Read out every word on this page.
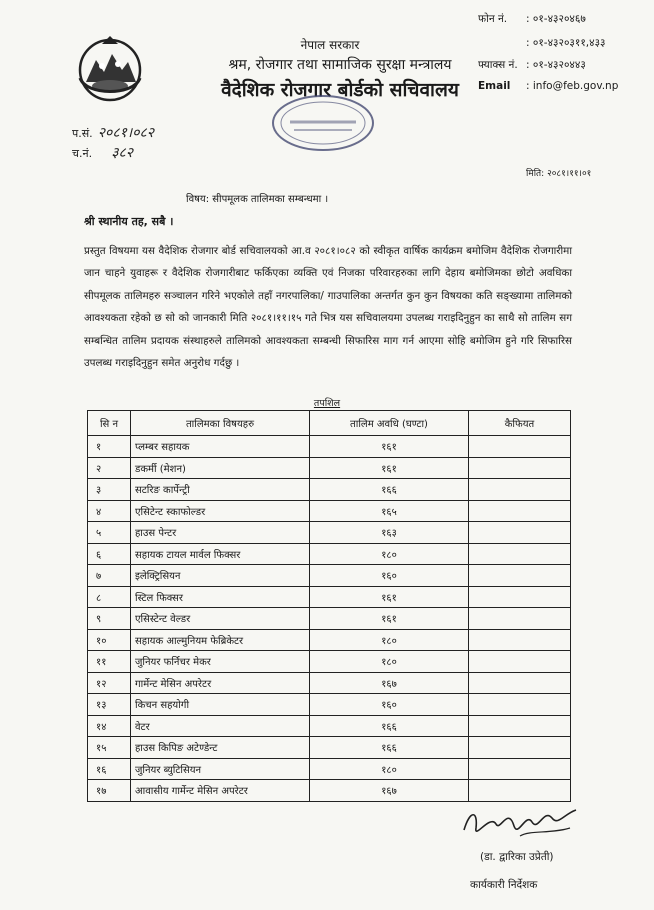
नेपाल सरकार
श्रम, रोजगार तथा सामाजिक सुरक्षा मन्त्रालय
वैदेशिक रोजगार बोर्डको सचिवालय
फोन नं. : ०१-४३२०४६७
: ०१-४३२०३११,४३३
फ्याक्स नं. : ०१-४३२०४४३
Email : info@feb.gov.np
प.सं. २०८१।०८२
च.नं. ३८२
मिति: २०८१।११।०१
विषय: सीपमूलक तालिमका सम्बन्धमा ।
श्री स्थानीय तह, सबै ।
प्रस्तुत विषयमा यस वैदेशिक रोजगार बोर्ड सचिवालयको आ.व २०८१।०८२ को स्वीकृत वार्षिक कार्यक्रम बमोजिम वैदेशिक रोजगारीमा जान चाहने युवाहरू र वैदेशिक रोजगारीबाट फर्किएका व्यक्ति एवं निजका परिवारहरुका लागि देहाय बमोजिमका छोटो अवधिका सीपमूलक तालिमहरु सञ्चालन गरिने भएकोले तहाँ नगरपालिका/ गाउपालिका अन्तर्गत कुन कुन विषयका कति सङ्ख्यामा तालिमको आवश्यकता रहेको छ सो को जानकारी मिति २०८१।११।१५ गते भित्र यस सचिवालयमा उपलब्ध गराइदिनुहुन का साथै सो तालिम सग सम्बन्धित तालिम प्रदायक संस्थाहरुले तालिमको आवश्यकता सम्बन्धी सिफारिस माग गर्न आएमा सोहि बमोजिम हुने गरि सिफारिस उपलब्ध गराइदिनुहुन समेत अनुरोध गर्दछु ।
तपशिल
सि न	तालिमका विषयहरु	तालिम अवधि (घण्टा)	कैफियत
१	प्लम्बर सहायक	१६१	
२	डकर्मी (मेशन)	१६१	
३	सटरिङ कार्पेन्ट्री	१६६	
४	एसिटेन्ट स्काफोल्डर	१६५	
५	हाउस पेन्टर	१६३	
६	सहायक टायल मार्वल फिक्सर	१८०	
७	इलेक्ट्रिसियन	१६०	
८	स्टिल फिक्सर	१६१	
९	एसिस्टेन्ट वेल्डर	१६१	
१०	सहायक आल्मुनियम फेब्रिकेटर	१८०	
११	जुनियर फर्निचर मेकर	१८०	
१२	गार्मेन्ट मेसिन अपरेटर	१६७	
१३	किचन सहयोगी	१६०	
१४	वेटर	१६६	
१५	हाउस किपिङ अटेण्डेन्ट	१६६	
१६	जुनियर ब्युटिसियन	१८०	
१७	आवासीय गार्मेन्ट मेसिन अपरेटर	१६७	
(डा. द्वारिका उप्रेती)
कार्यकारी निर्देशक
